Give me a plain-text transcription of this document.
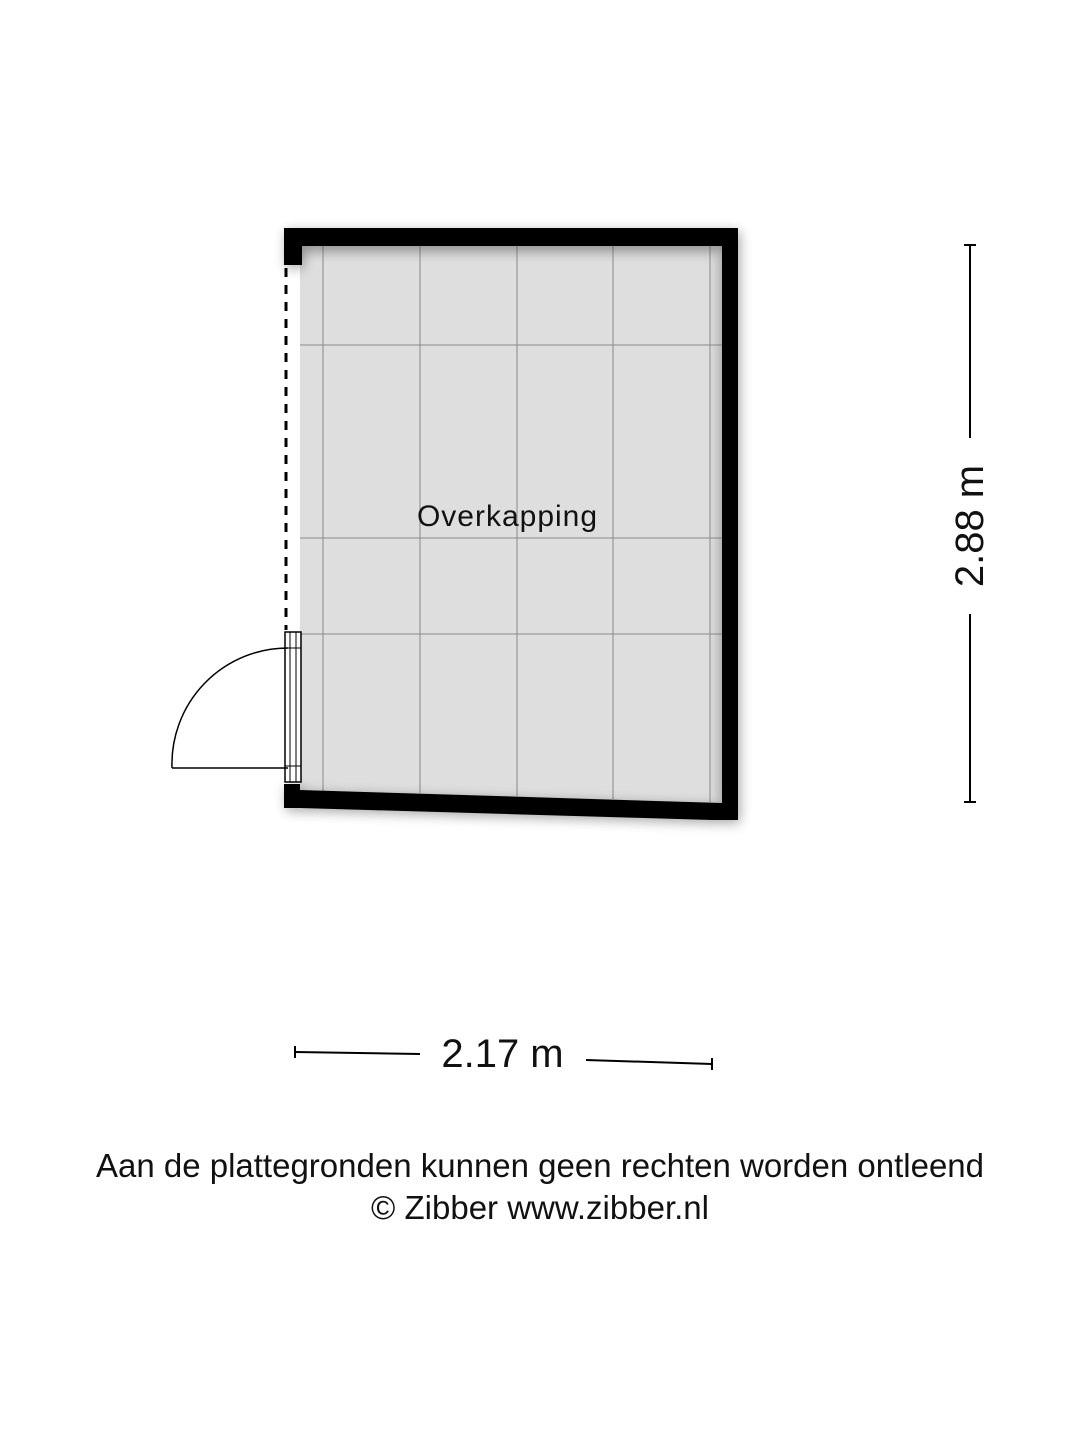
Overkapping	2.88 m
2.17 m
Aan de plattegronden kunnen geen rechten worden ontleend
© Zibber www.zibber.nl
